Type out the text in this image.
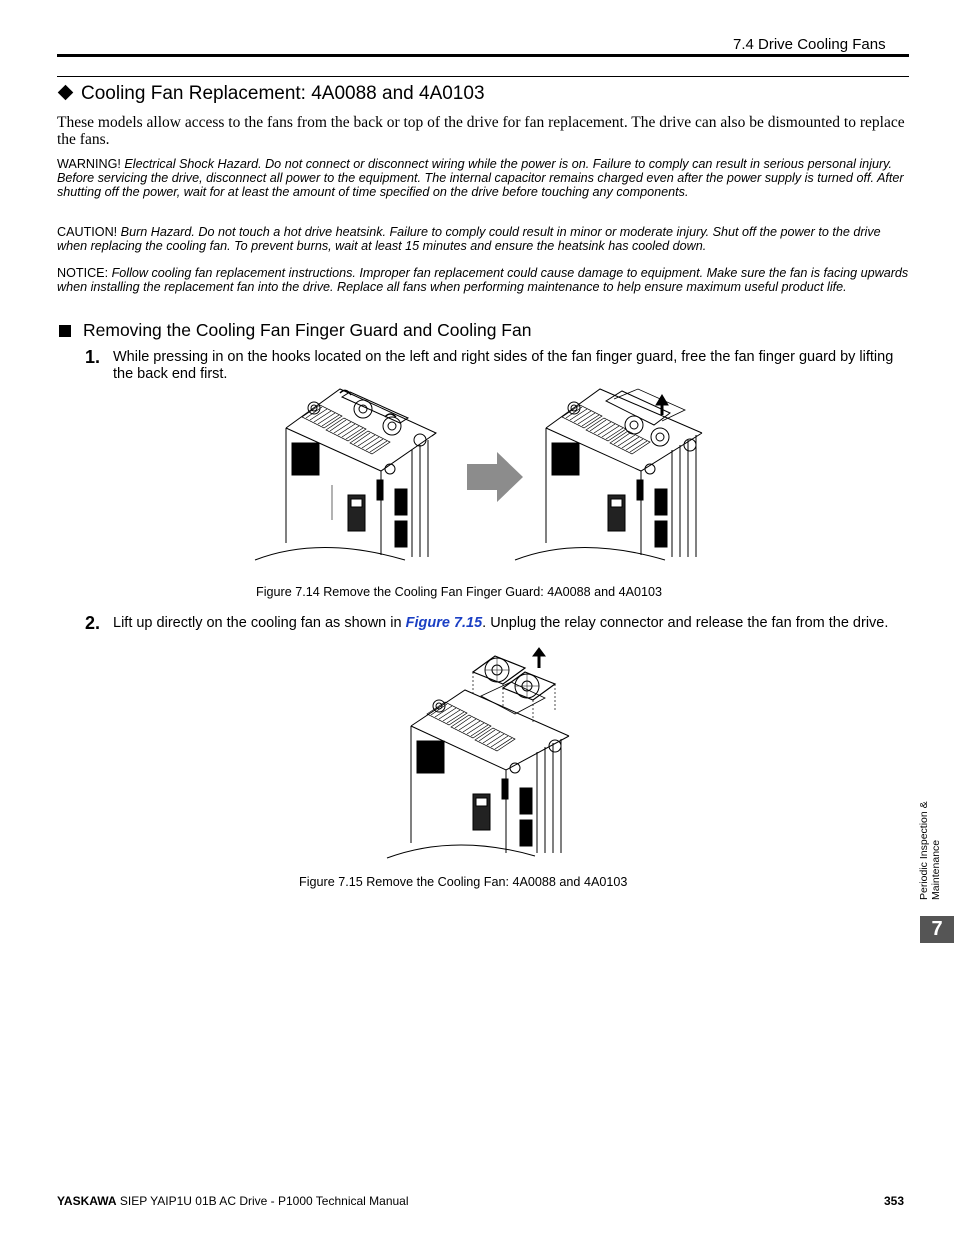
7.4 Drive Cooling Fans
Cooling Fan Replacement: 4A0088 and 4A0103
These models allow access to the fans from the back or top of the drive for fan replacement. The drive can also be dismounted to replace the fans.
WARNING! Electrical Shock Hazard. Do not connect or disconnect wiring while the power is on. Failure to comply can result in serious personal injury. Before servicing the drive, disconnect all power to the equipment. The internal capacitor remains charged even after the power supply is turned off. After shutting off the power, wait for at least the amount of time specified on the drive before touching any components.
CAUTION! Burn Hazard. Do not touch a hot drive heatsink. Failure to comply could result in minor or moderate injury. Shut off the power to the drive when replacing the cooling fan. To prevent burns, wait at least 15 minutes and ensure the heatsink has cooled down.
NOTICE: Follow cooling fan replacement instructions. Improper fan replacement could cause damage to equipment. Make sure the fan is facing upwards when installing the replacement fan into the drive. Replace all fans when performing maintenance to help ensure maximum useful product life.
Removing the Cooling Fan Finger Guard and Cooling Fan
1. While pressing in on the hooks located on the left and right sides of the fan finger guard, free the fan finger guard by lifting the back end first.
Figure 7.14 Remove the Cooling Fan Finger Guard: 4A0088 and 4A0103
2. Lift up directly on the cooling fan as shown in Figure 7.15. Unplug the relay connector and release the fan from the drive.
Figure 7.15 Remove the Cooling Fan: 4A0088 and 4A0103	Periodic Inspection & Maintenance
7
YASKAWA SIEP YAIP1U 01B AC Drive - P1000 Technical Manual	353
